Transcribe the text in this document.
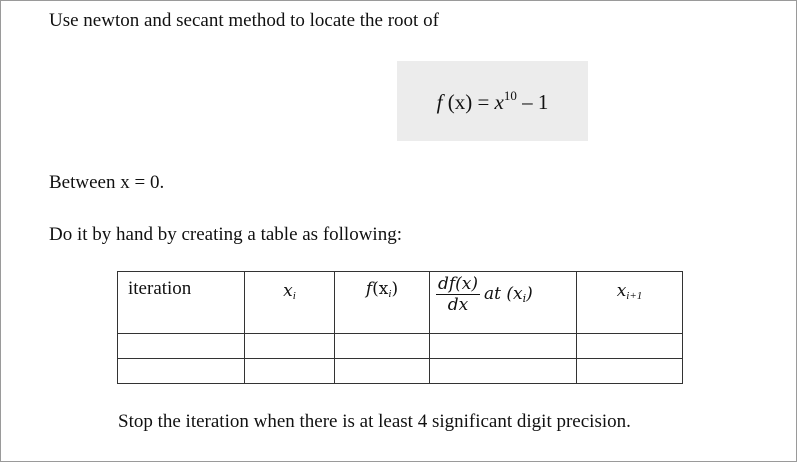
Use newton and secant method to locate the root of
f $(x) = x^{10} - 1$
Between x = 0.
Do it by hand by creating a table as following:
iteration	$x_i$	$f(x_i)$	$\frac{df(x)}{dx}$ at $(x_i)$	$x_{i+1}$

Stop the iteration when there is at least 4 significant digit precision.
